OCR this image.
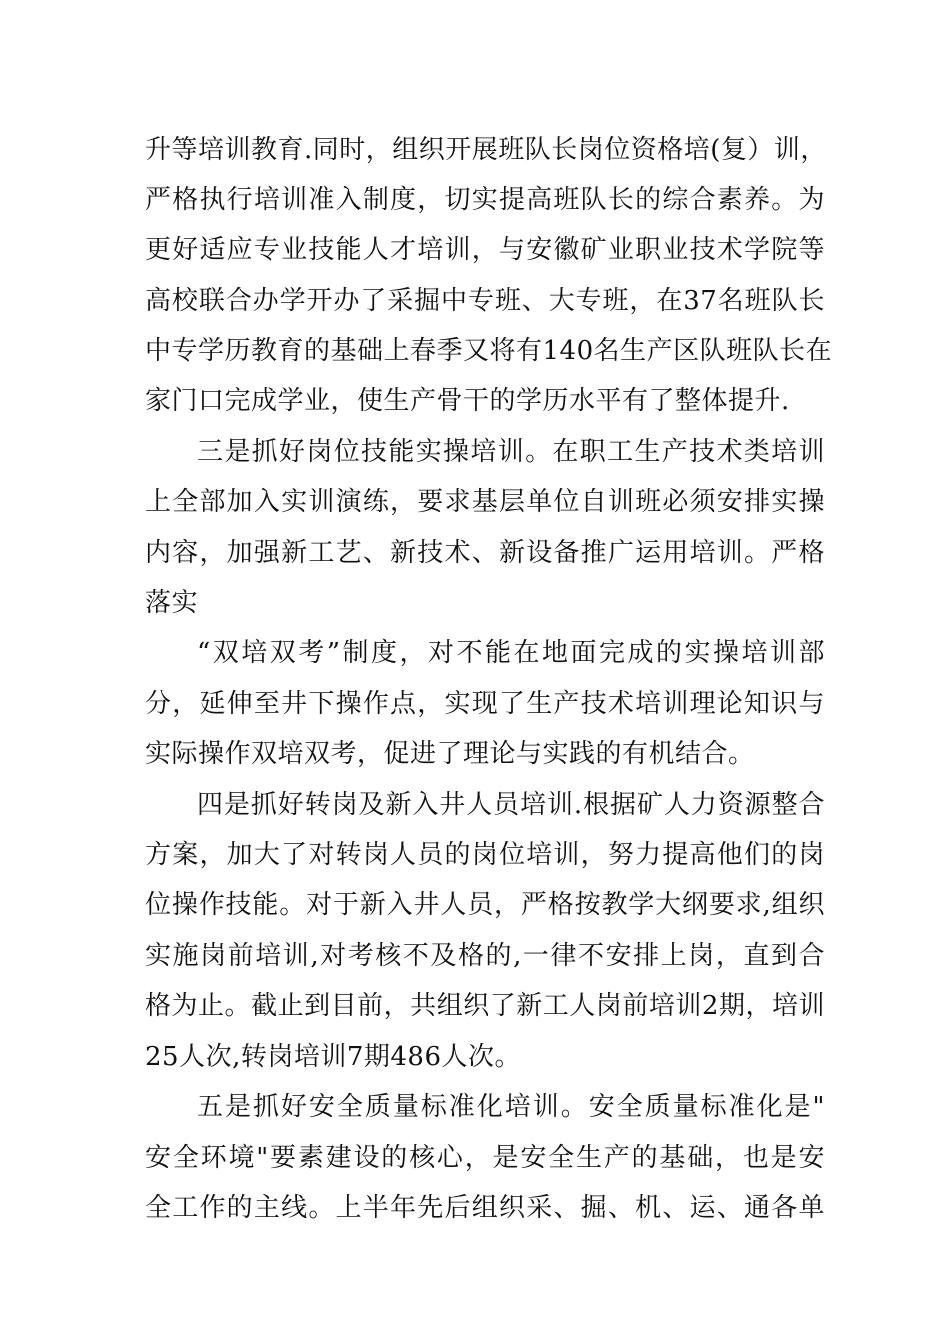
升等培训教育.同时，组织开展班队长岗位资格培(复）训，
严格执行培训准入制度，切实提高班队长的综合素养。为
更好适应专业技能人才培训，与安徽矿业职业技术学院等
高校联合办学开办了采掘中专班、大专班，在37名班队长
中专学历教育的基础上春季又将有140名生产区队班队长在
家门口完成学业，使生产骨干的学历水平有了整体提升.
三是抓好岗位技能实操培训。在职工生产技术类培训
上全部加入实训演练，要求基层单位自训班必须安排实操
内容，加强新工艺、新技术、新设备推广运用培训。严格
落实
“双培双考”制度，对不能在地面完成的实操培训部
分，延伸至井下操作点，实现了生产技术培训理论知识与
实际操作双培双考，促进了理论与实践的有机结合。
四是抓好转岗及新入井人员培训.根据矿人力资源整合
方案，加大了对转岗人员的岗位培训，努力提高他们的岗
位操作技能。对于新入井人员，严格按教学大纲要求,组织
实施岗前培训,对考核不及格的,一律不安排上岗，直到合
格为止。截止到目前，共组织了新工人岗前培训2期，培训
25人次,转岗培训7期486人次。
五是抓好安全质量标准化培训。安全质量标准化是"
安全环境"要素建设的核心，是安全生产的基础，也是安
全工作的主线。上半年先后组织采、掘、机、运、通各单
